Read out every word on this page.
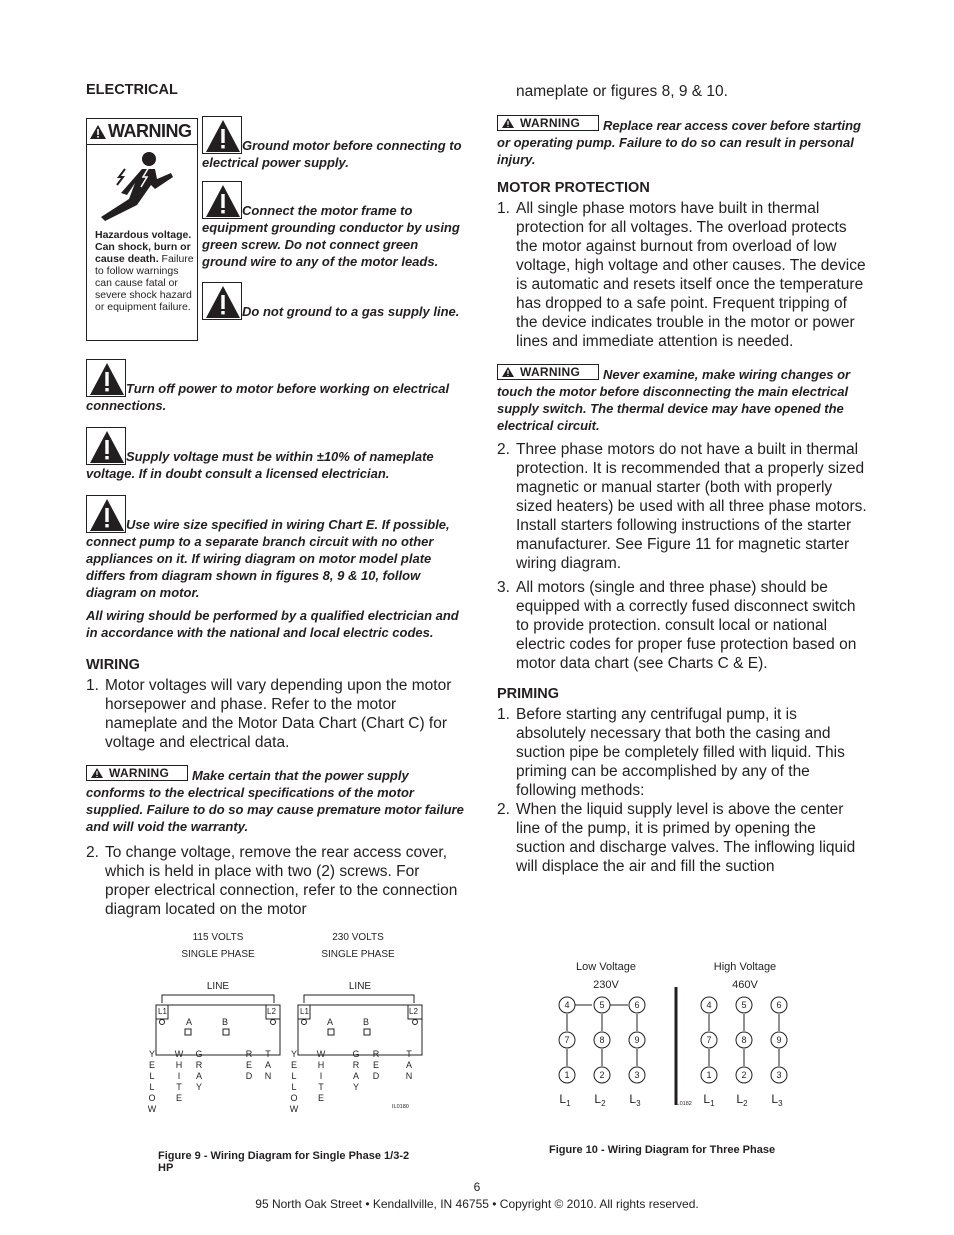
ELECTRICAL
WARNING
Hazardous voltage. Can shock, burn or cause death. Failure to follow warnings can cause fatal or severe shock hazard or equipment failure.

Ground motor before connecting to electrical power supply.

Connect the motor frame to equipment grounding conductor by using green screw. Do not connect green ground wire to any of the motor leads.

Do not ground to a gas supply line.

Turn off power to motor before working on electrical connections.

Supply voltage must be within ±10% of nameplate voltage. If in doubt consult a licensed electrician.

Use wire size specified in wiring Chart E. If possible, connect pump to a separate branch circuit with no other appliances on it. If wiring diagram on motor model plate differs from diagram shown in figures 8, 9 & 10, follow diagram on motor.

All wiring should be performed by a qualified electrician and in accordance with the national and local electric codes.

WIRING
1. Motor voltages will vary depending upon the motor horsepower and phase. Refer to the motor nameplate and the Motor Data Chart (Chart C) for voltage and electrical data.

WARNING Make certain that the power supply conforms to the electrical specifications of the motor supplied. Failure to do so may cause premature motor failure and will void the warranty.

2. To change voltage, remove the rear access cover, which is held in place with two (2) screws. For proper electrical connection, refer to the connection diagram located on the motor

nameplate or figures 8, 9 & 10.

WARNING Replace rear access cover before starting or operating pump. Failure to do so can result in personal injury.

MOTOR PROTECTION
1. All single phase motors have built in thermal protection for all voltages. The overload protects the motor against burnout from overload of low voltage, high voltage and other causes. The device is automatic and resets itself once the temperature has dropped to a safe point. Frequent tripping of the device indicates trouble in the motor or power lines and immediate attention is needed.

WARNING Never examine, make wiring changes or touch the motor before disconnecting the main electrical supply switch. The thermal device may have opened the electrical circuit.

2. Three phase motors do not have a built in thermal protection. It is recommended that a properly sized magnetic or manual starter (both with properly sized heaters) be used with all three phase motors. Install starters following instructions of the starter manufacturer. See Figure 11 for magnetic starter wiring diagram.
3. All motors (single and three phase) should be equipped with a correctly fused disconnect switch to provide protection. consult local or national electric codes for proper fuse protection based on motor data chart (see Charts C & E).
PRIMING
1. Before starting any centrifugal pump, it is absolutely necessary that both the casing and suction pipe be completely filled with liquid. This priming can be accomplished by any of the following methods:
2. When the liquid supply level is above the center line of the pump, it is primed by opening the suction and discharge valves. The inflowing liquid will displace the air and fill the suction
115 VOLTS
SINGLE PHASE
LINE
L1	L2
A	B
Y
E
L
L
O
W
W
H
I
T
E
G
R
A
Y
R
E
D
T
A
N
230 VOLTS
SINGLE PHASE
LINE
L1	L2
A	B
Y
E
L
L
O
W
W
H
I
T
E
G
R
A
Y
R
E
D
T
A
N
IL0180
Figure 9 - Wiring Diagram for Single Phase 1/3-2 HP
Low Voltage
230V
High Voltage
460V
4	5	6
7	8	9
1	2	3
$L_1$ $L_2$ $L_3$	IL0182
4	5	6
7	8	9
1	2	3
$L_1$ $L_2$ $L_3$
Figure 10 - Wiring Diagram for Three Phase
6
95 North Oak Street • Kendallville, IN 46755 • Copyright © 2010. All rights reserved.
